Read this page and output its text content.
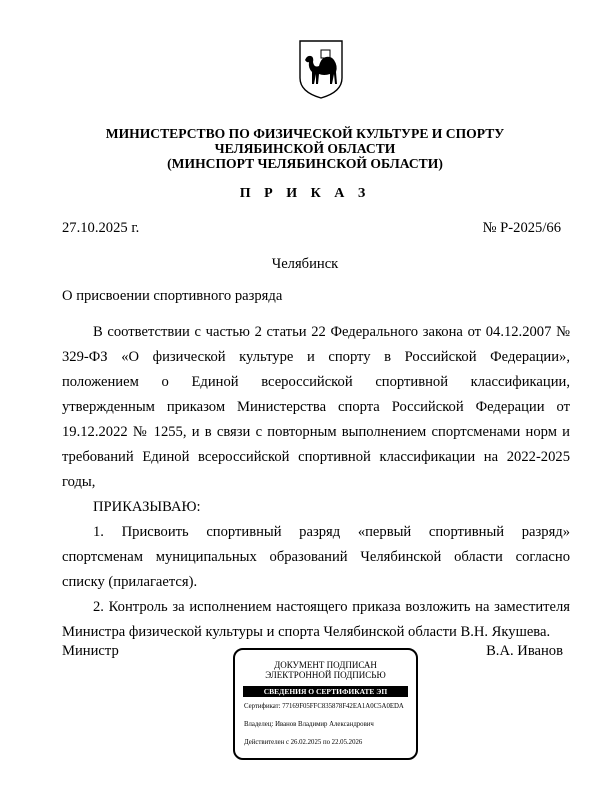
МИНИСТЕРСТВО ПО ФИЗИЧЕСКОЙ КУЛЬТУРЕ И СПОРТУ
ЧЕЛЯБИНСКОЙ ОБЛАСТИ
(МИНСПОРТ ЧЕЛЯБИНСКОЙ ОБЛАСТИ)
П Р И К А З
27.10.2025 г.	№ Р-2025/66
Челябинск
О присвоении спортивного разряда

В соответствии с частью 2 статьи 22 Федерального закона от 04.12.2007 № 329-ФЗ «О физической культуре и спорту в Российской Федерации», положением о Единой всероссийской спортивной классификации, утвержденным приказом Министерства спорта Российской Федерации от 19.12.2022 № 1255, и в связи с повторным выполнением спортсменами норм и требований Единой всероссийской спортивной классификации на 2022-2025 годы,

ПРИКАЗЫВАЮ:

1. Присвоить спортивный разряд «первый спортивный разряд» спортсменам муниципальных образований Челябинской области согласно списку (прилагается).

2. Контроль за исполнением настоящего приказа возложить на заместителя Министра физической культуры и спорта Челябинской области В.Н. Якушева.

Министр	В.А. Иванов
ДОКУМЕНТ ПОДПИСАН
ЭЛЕКТРОННОЙ ПОДПИСЬЮ
СВЕДЕНИЯ О СЕРТИФИКАТЕ ЭП
Сертификат: 77169F05FFC835878F42EA1A0C5A0EDA
Владелец: Иванов Владимир Александрович
Действителен с 26.02.2025 по 22.05.2026
